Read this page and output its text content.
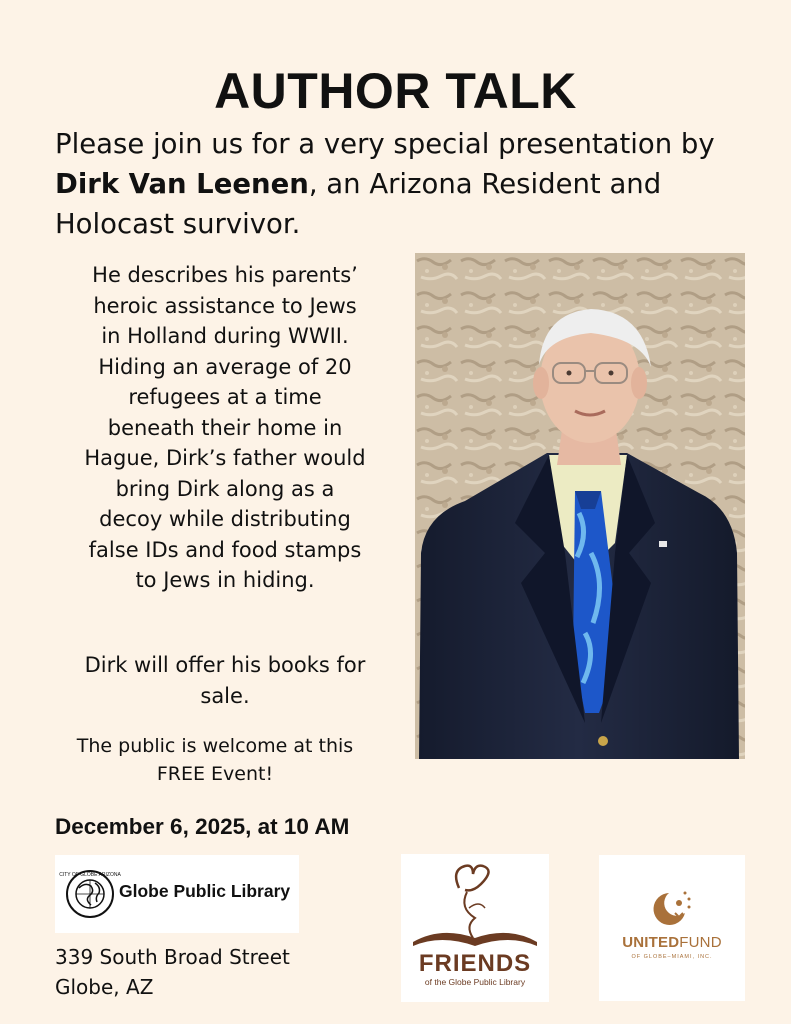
AUTHOR TALK
Please join us for a very special presentation by Dirk Van Leenen, an Arizona Resident and Holocast survivor.
He describes his parents’
heroic assistance to Jews
in Holland during WWII.
Hiding an average of 20
refugees at a time
beneath their home in
Hague, Dirk’s father would
bring Dirk along as a
decoy while distributing
false IDs and food stamps
to Jews in hiding.
Dirk will offer his books for
sale.
The public is welcome at this
FREE Event!
December 6, 2025, at 10 AM
CITY OF GLOBE ARIZONA
Globe Public Library
FRIENDS
of the Globe Public Library
UNITEDFUND
OF GLOBE–MIAMI, INC.
339 South Broad Street
Globe, AZ
